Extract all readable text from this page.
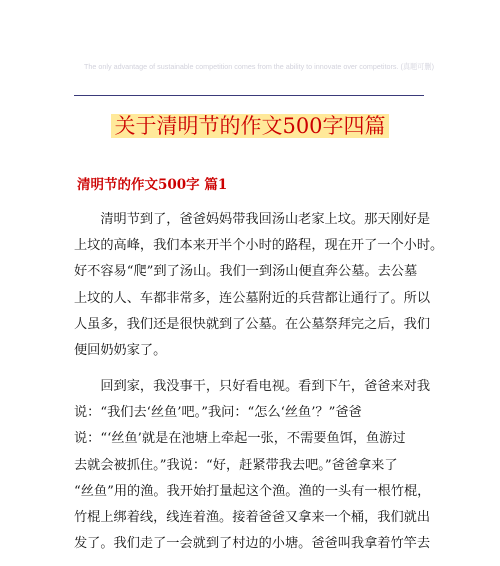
The only advantage of sustainable competition comes from the ability to innovate over competitors. (真题可删)
关于清明节的作文500字四篇
清明节的作文500字 篇1
　　清明节到了，爸爸妈妈带我回汤山老家上坟。那天刚好是
上坟的高峰，我们本来开半个小时的路程，现在开了一个小时。
好不容易“爬”到了汤山。我们一到汤山便直奔公墓。去公墓
上坟的人、车都非常多，连公墓附近的兵营都让通行了。所以
人虽多，我们还是很快就到了公墓。在公墓祭拜完之后，我们
便回奶奶家了。
　　回到家，我没事干，只好看电视。看到下午，爸爸来对我
说：“我们去‘丝鱼’吧。”我问：“怎么‘丝鱼’？”爸爸
说：“‘丝鱼’就是在池塘上牵起一张，不需要鱼饵，鱼游过
去就会被抓住。”我说：“好，赶紧带我去吧。”爸爸拿来了
“丝鱼”用的渔。我开始打量起这个渔。渔的一头有一根竹棍，
竹棍上绑着线，线连着渔。接着爸爸又拿来一个桶，我们就出
发了。我们走了一会就到了村边的小塘。爸爸叫我拿着竹竿去
